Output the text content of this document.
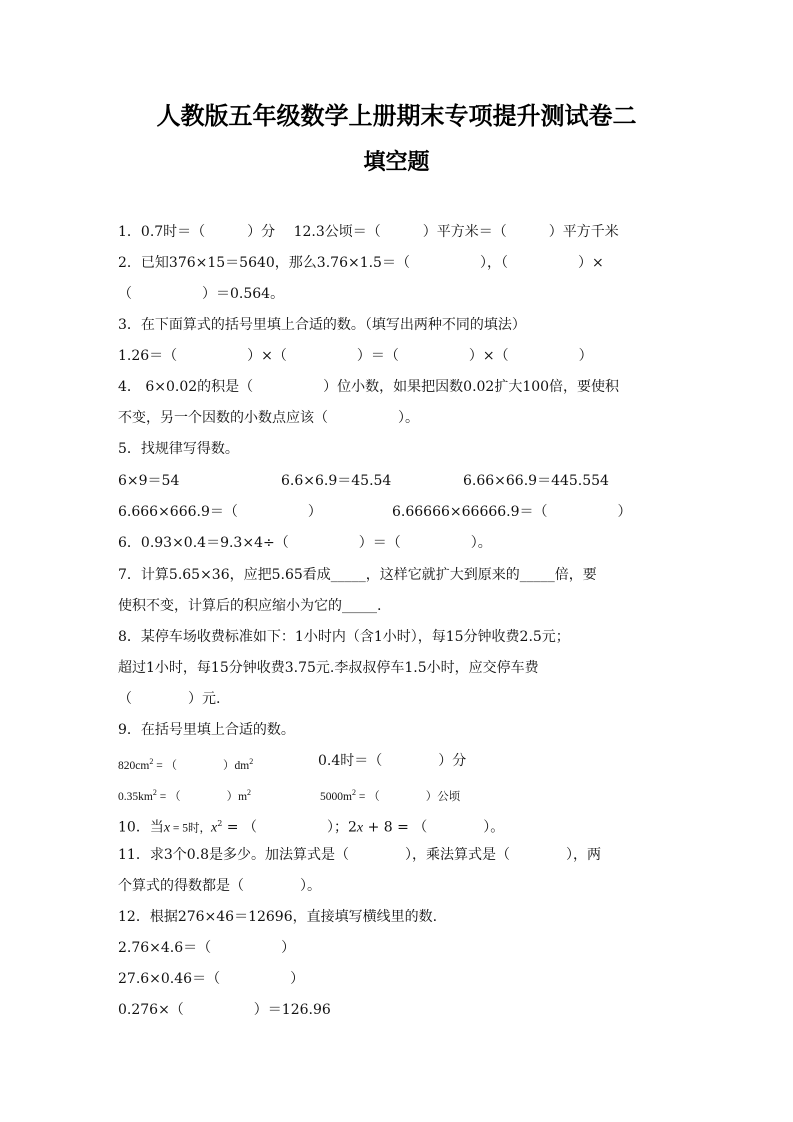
人教版五年级数学上册期末专项提升测试卷二
填空题
1．0.7时＝（　　　）分　 12.3公顷＝（　　　）平方米＝（　　　）平方千米
2．已知376×15＝5640，那么3.76×1.5＝（　　　　　），（　　　　　）×
（　　　　　）＝0.564。
3．在下面算式的括号里填上合适的数。（填写出两种不同的填法）
1.26＝（　　　　　）×（　　　　　）＝（　　　　　）×（　　　　　）
4． 6×0.02的积是（　　　　　）位小数，如果把因数0.02扩大100倍，要使积
不变，另一个因数的小数点应该（　　　　　）。
5．找规律写得数。
6×9＝54	6.6×6.9＝45.54	6.66×66.9＝445.554
6.666×666.9＝（　　　　　）	6.66666×66666.9＝（　　　　　）
6．0.93×0.4＝9.3×4÷（　　　　　）＝（　　　　　）。
7．计算5.65×36，应把5.65看成_____，这样它就扩大到原来的_____倍，要
使积不变，计算后的积应缩小为它的_____.
8．某停车场收费标准如下：1小时内（含1小时），每15分钟收费2.5元；
超过1小时，每15分钟收费3.75元.李叔叔停车1.5小时，应交停车费
（　　　　）元.
9．在括号里填上合适的数。
$820cm^2$ = （　　　　）$dm^2$	0.4时＝（　　　　）分
$0.35km^2$ = （　　　　）$m^2$	$5000m^2$ = （　　　　）公顷
10．当x = 5时，$x^2$ = （　　　　　）；2x + 8 = （　　　　）。
11．求3个0.8是多少。加法算式是（　　　　），乘法算式是（　　　　），两
个算式的得数都是（　　　　）。
12．根据276×46＝12696，直接填写横线里的数.
2.76×4.6＝（　　　　　）
27.6×0.46＝（　　　　　）
0.276×（　　　　　）＝126.96
